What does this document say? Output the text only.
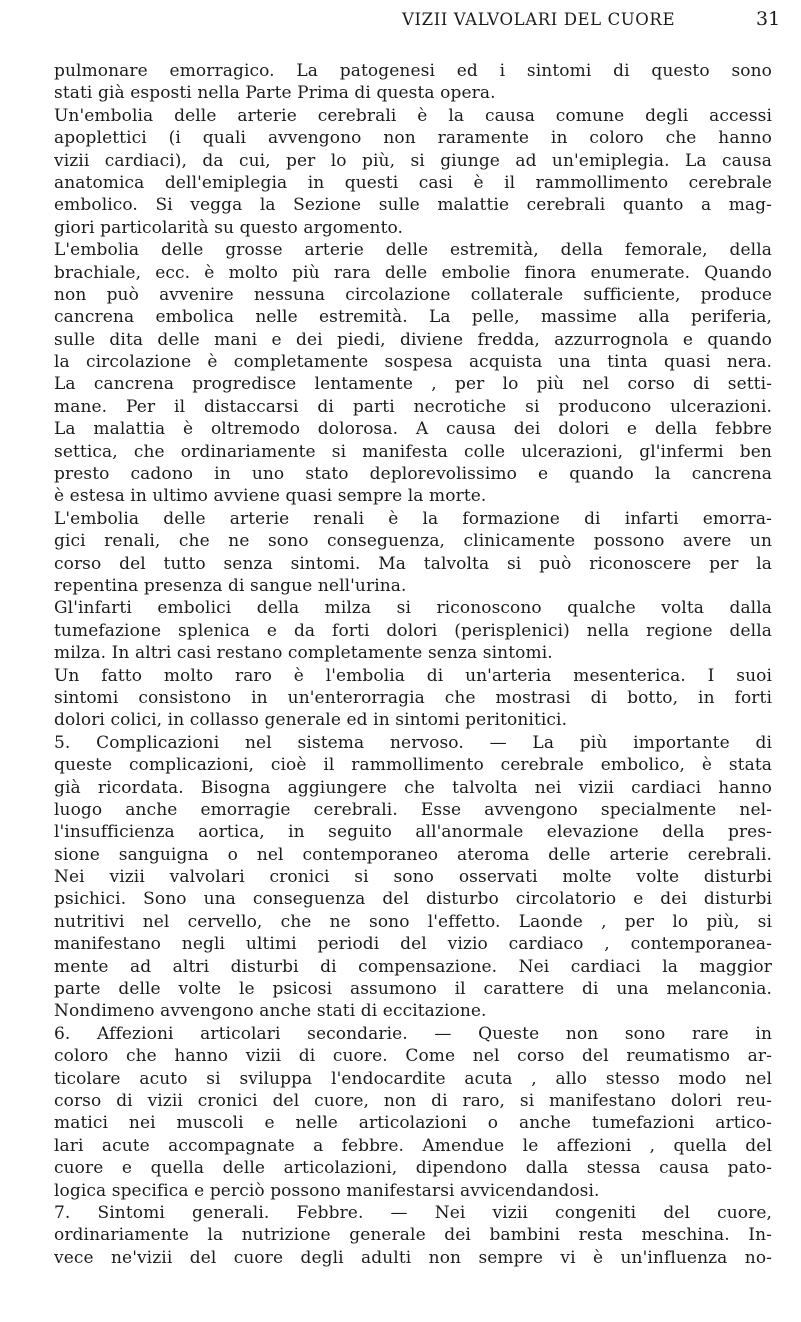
VIZII VALVOLARI DEL CUORE	31
pulmonare emorragico. La patogenesi ed i sintomi di questo sono
stati già esposti nella Parte Prima di questa opera.
Un'embolia delle arterie cerebrali è la causa comune degli accessi
apoplettici (i quali avvengono non raramente in coloro che hanno
vizii cardiaci), da cui, per lo più, si giunge ad un'emiplegia. La causa
anatomica dell'emiplegia in questi casi è il rammollimento cerebrale
embolico. Si vegga la Sezione sulle malattie cerebrali quanto a mag-
giori particolarità su questo argomento.
L'embolia delle grosse arterie delle estremità, della femorale, della
brachiale, ecc. è molto più rara delle embolie finora enumerate. Quando
non può avvenire nessuna circolazione collaterale sufficiente, produce
cancrena embolica nelle estremità. La pelle, massime alla periferia,
sulle dita delle mani e dei piedi, diviene fredda, azzurrognola e quando
la circolazione è completamente sospesa acquista una tinta quasi nera.
La cancrena progredisce lentamente , per lo più nel corso di setti-
mane. Per il distaccarsi di parti necrotiche si producono ulcerazioni.
La malattia è oltremodo dolorosa. A causa dei dolori e della febbre
settica, che ordinariamente si manifesta colle ulcerazioni, gl'infermi ben
presto cadono in uno stato deplorevolissimo e quando la cancrena
è estesa in ultimo avviene quasi sempre la morte.
L'embolia delle arterie renali è la formazione di infarti emorra-
gici renali, che ne sono conseguenza, clinicamente possono avere un
corso del tutto senza sintomi. Ma talvolta si può riconoscere per la
repentina presenza di sangue nell'urina.
Gl'infarti embolici della milza si riconoscono qualche volta dalla
tumefazione splenica e da forti dolori (perisplenici) nella regione della
milza. In altri casi restano completamente senza sintomi.
Un fatto molto raro è l'embolia di un'arteria mesenterica. I suoi
sintomi consistono in un'enterorragia che mostrasi di botto, in forti
dolori colici, in collasso generale ed in sintomi peritonitici.
5. Complicazioni nel sistema nervoso. — La più importante di
queste complicazioni, cioè il rammollimento cerebrale embolico, è stata
già ricordata. Bisogna aggiungere che talvolta nei vizii cardiaci hanno
luogo anche emorragie cerebrali. Esse avvengono specialmente nel-
l'insufficienza aortica, in seguito all'anormale elevazione della pres-
sione sanguigna o nel contemporaneo ateroma delle arterie cerebrali.
Nei vizii valvolari cronici si sono osservati molte volte disturbi
psichici. Sono una conseguenza del disturbo circolatorio e dei disturbi
nutritivi nel cervello, che ne sono l'effetto. Laonde , per lo più, si
manifestano negli ultimi periodi del vizio cardiaco , contemporanea-
mente ad altri disturbi di compensazione. Nei cardiaci la maggior
parte delle volte le psicosi assumono il carattere di una melanconia.
Nondimeno avvengono anche stati di eccitazione.
6. Affezioni articolari secondarie. — Queste non sono rare in
coloro che hanno vizii di cuore. Come nel corso del reumatismo ar-
ticolare acuto si sviluppa l'endocardite acuta , allo stesso modo nel
corso di vizii cronici del cuore, non di raro, si manifestano dolori reu-
matici nei muscoli e nelle articolazioni o anche tumefazioni artico-
lari acute accompagnate a febbre. Amendue le affezioni , quella del
cuore e quella delle articolazioni, dipendono dalla stessa causa pato-
logica specifica e perciò possono manifestarsi avvicendandosi.
7. Sintomi generali. Febbre. — Nei vizii congeniti del cuore,
ordinariamente la nutrizione generale dei bambini resta meschina. In-
vece ne'vizii del cuore degli adulti non sempre vi è un'influenza no-
